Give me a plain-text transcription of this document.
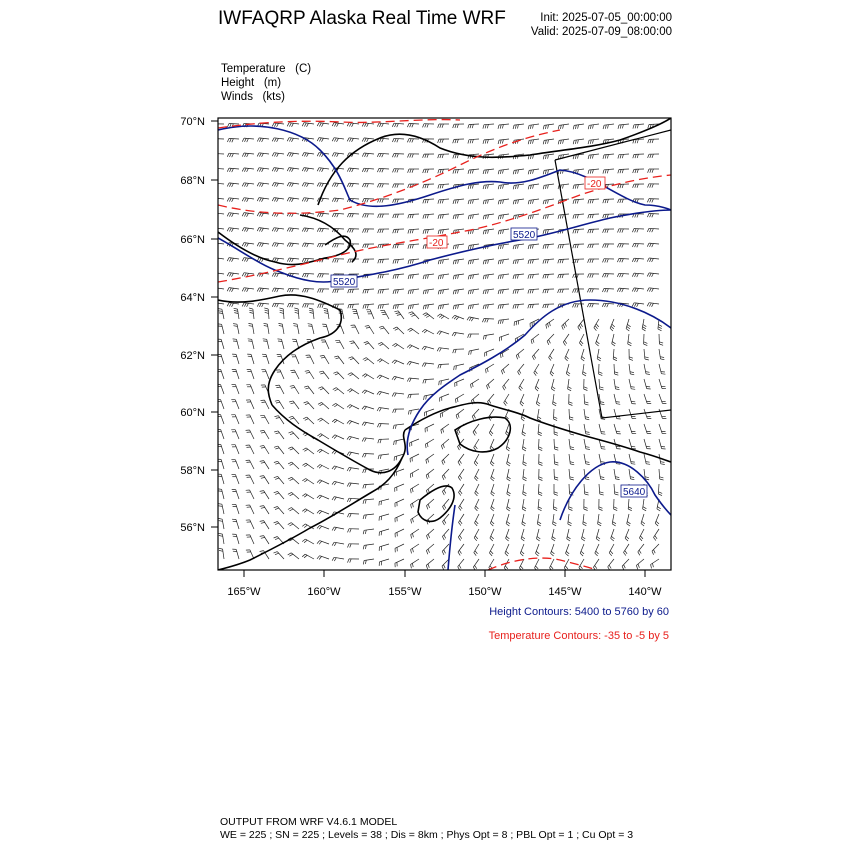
IWFAQRP Alaska Real Time WRF	Init: 2025-07-05_00:00:00
Valid: 2025-07-09_08:00:00
Temperature (C)
Height (m)
Winds (kts)
5520
5520
5640
-20
-20
70°N
68°N
66°N
64°N
62°N
60°N
58°N
56°N
165°W	160°W	155°W	150°W	145°W	140°W
Height Contours: 5400 to 5760 by 60
Temperature Contours: -35 to -5 by 5
OUTPUT FROM WRF V4.6.1 MODEL
WE = 225 ; SN = 225 ; Levels = 38 ; Dis = 8km ; Phys Opt = 8 ; PBL Opt = 1 ; Cu Opt = 3
